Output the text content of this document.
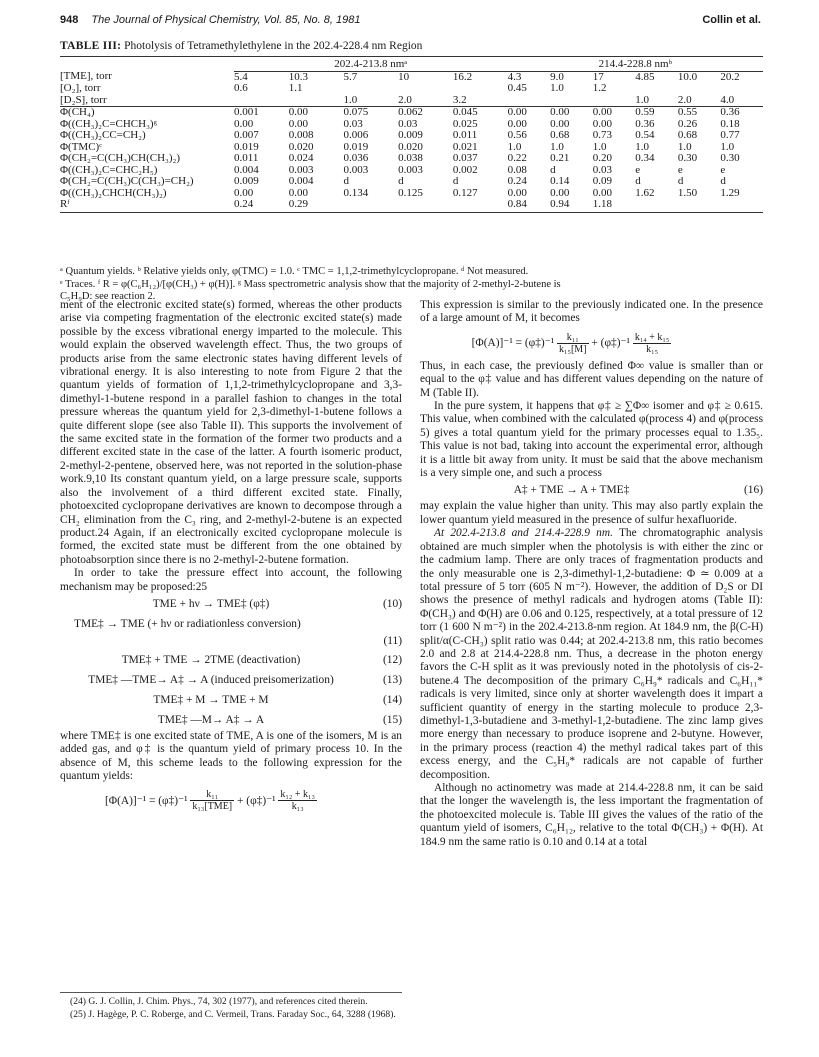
948 The Journal of Physical Chemistry, Vol. 85, No. 8, 1981	Collin et al.
TABLE III: Photolysis of Tetramethylethylene in the 202.4-228.4 nm Region
	202.4-213.8 nmᵃ					214.4-228.8 nmᵇ					
[TME], torr	5.4	10.3	5.7	10	16.2	4.3	9.0	17	4.85	10.0	20.2
[O₂], torr	0.6	1.1				0.45	1.0	1.2			
[D₂S], torr			1.0	2.0	3.2				1.0	2.0	4.0
Φ(CH₄)	0.001	0.00	0.075	0.062	0.045	0.00	0.00	0.00	0.59	0.55	0.36
Φ((CH₃)₂C=CHCH₃)ᵍ	0.00	0.00	0.03	0.03	0.025	0.00	0.00	0.00	0.36	0.26	0.18
Φ((CH₃)₂CC=CH₂)	0.007	0.008	0.006	0.009	0.011	0.56	0.68	0.73	0.54	0.68	0.77
Φ(TMC)ᶜ	0.019	0.020	0.019	0.020	0.021	1.0	1.0	1.0	1.0	1.0	1.0
Φ(CH₂=C(CH₃)CH(CH₃)₂)	0.011	0.024	0.036	0.038	0.037	0.22	0.21	0.20	0.34	0.30	0.30
Φ((CH₃)₂C=CHC₂H₅)	0.004	0.003	0.003	0.003	0.002	0.08	d	0.03	e	e	e
Φ(CH₂=C(CH₃)C(CH₃)=CH₂)	0.009	0.004	d	d	d	0.24	0.14	0.09	d	d	d
Φ((CH₃)₂CHCH(CH₃)₂)	0.00	0.00	0.134	0.125	0.127	0.00	0.00	0.00	1.62	1.50	1.29
Rᶠ	0.24	0.29				0.84	0.94	1.18			
ᵃ Quantum yields. ᵇ Relative yields only, φ(TMC) = 1.0. ᶜ TMC = 1,1,2-trimethylcyclopropane. ᵈ Not measured.
ᵉ Traces. ᶠ R = φ(C₆H₁₂)/[φ(CH₃) + φ(H)]. ᵍ Mass spectrometric analysis show that the majority of 2-methyl-2-butene is
C₅H₉D: see reaction 2.

ment of the electronic excited state(s) formed, whereas the other products arise via competing fragmentation of the electronic excited state(s) made possible by the excess vibrational energy imparted to the molecule. This would explain the observed wavelength effect. Thus, the two groups of products arise from the same electronic states having different levels of vibrational energy. It is also interesting to note from Figure 2 that the quantum yields of formation of 1,1,2-trimethylcyclopropane and 3,3-dimethyl-1-butene respond in a parallel fashion to changes in the total pressure whereas the quantum yield for 2,3-dimethyl-1-butene follows a quite different slope (see also Table II). This supports the involvement of the same excited state in the formation of the former two products and a different excited state in the case of the latter. A fourth isomeric product, 2-methyl-2-pentene, observed here, was not reported in the solution-phase work.9,10 Its constant quantum yield, on a large pressure scale, supports also the involvement of a third different excited state. Finally, photoexcited cyclopropane derivatives are known to decompose through a CH₂ elimination from the C₃ ring, and 2-methyl-2-butene is an expected product.24 Again, if an electronically excited cyclopropane molecule is formed, the excited state must be different from the one obtained by photoabsorption since there is no 2-methyl-2-butene formation.

In order to take the pressure effect into account, the following mechanism may be proposed:25

TME + hν → TME‡ (φ‡)	(10)
TME‡ → TME (+ hν or radiationless conversion)
(11)
TME‡ + TME → 2TME (deactivation)	(12)
TME‡ —TME→ A‡ → A (induced preisomerization)	(13)
TME‡ + M → TME + M	(14)
TME‡ —M→ A‡ → A	(15)

where TME‡ is one excited state of TME, A is one of the isomers, M is an added gas, and φ‡ is the quantum yield of primary process 10. In the absence of M, this scheme leads to the following expression for the quantum yields:

[Φ(A)]⁻¹ = (φ‡)⁻¹ $\frac{\text{k₁₁}}{\text{k₁₃[TME]}}$ + (φ‡)⁻¹ $\frac{\text{k₁₂ + k₁₃}}{\text{k₁₃}}$

(24) G. J. Collin, J. Chim. Phys., 74, 302 (1977), and references cited therein.

(25) J. Hagège, P. C. Roberge, and C. Vermeil, Trans. Faraday Soc., 64, 3288 (1968).

This expression is similar to the previously indicated one. In the presence of a large amount of M, it becomes

[Φ(A)]⁻¹ = (φ‡)⁻¹ $\frac{\text{k₁₁}}{\text{k₁₅[M]}}$ + (φ‡)⁻¹ $\frac{\text{k₁₄ + k₁₅}}{\text{k₁₅}}$

Thus, in each case, the previously defined Φ∞ value is smaller than or equal to the φ‡ value and has different values depending on the nature of M (Table II).

In the pure system, it happens that φ‡ ≥ ∑Φ∞ isomer and φ‡ ≥ 0.615. This value, when combined with the calculated φ(process 4) and φ(process 5) gives a total quantum yield for the primary processes equal to 1.35₅. This value is not bad, taking into account the experimental error, although it is a little bit away from unity. It must be said that the above mechanism is a very simple one, and such a process

A‡ + TME → A + TME‡	(16)

may explain the value higher than unity. This may also partly explain the lower quantum yield measured in the presence of sulfur hexafluoride.

At 202.4-213.8 and 214.4-228.9 nm. The chromatographic analysis obtained are much simpler when the photolysis is with either the zinc or the cadmium lamp. There are only traces of fragmentation products and the only measurable one is 2,3-dimethyl-1,2-butadiene: Φ ≃ 0.009 at a total pressure of 5 torr (605 N m⁻²). However, the addition of D₂S or DI shows the presence of methyl radicals and hydrogen atoms (Table II): Φ(CH₃) and Φ(H) are 0.06 and 0.125, respectively, at a total pressure of 12 torr (1 600 N m⁻²) in the 202.4-213.8-nm region. At 184.9 nm, the β(C-H) split/α(C-CH₃) split ratio was 0.44; at 202.4-213.8 nm, this ratio becomes 2.0 and 2.8 at 214.4-228.8 nm. Thus, a decrease in the photon energy favors the C-H split as it was previously noted in the photolysis of cis-2-butene.4 The decomposition of the primary C₆H₉* radicals and C₆H₁₁* radicals is very limited, since only at shorter wavelength does it impart a sufficient quantity of energy in the starting molecule to produce 2,3-dimethyl-1,3-butadiene and 3-methyl-1,2-butadiene. The zinc lamp gives more energy than necessary to produce isoprene and 2-butyne. However, in the primary process (reaction 4) the methyl radical takes part of this excess energy, and the C₅H₉* radicals are not capable of further decomposition.

Although no actinometry was made at 214.4-228.8 nm, it can be said that the longer the wavelength is, the less important the fragmentation of the photoexcited molecule is. Table III gives the values of the ratio of the quantum yield of isomers, C₆H₁₂, relative to the total Φ(CH₃) + Φ(H). At 184.9 nm the same ratio is 0.10 and 0.14 at a total
